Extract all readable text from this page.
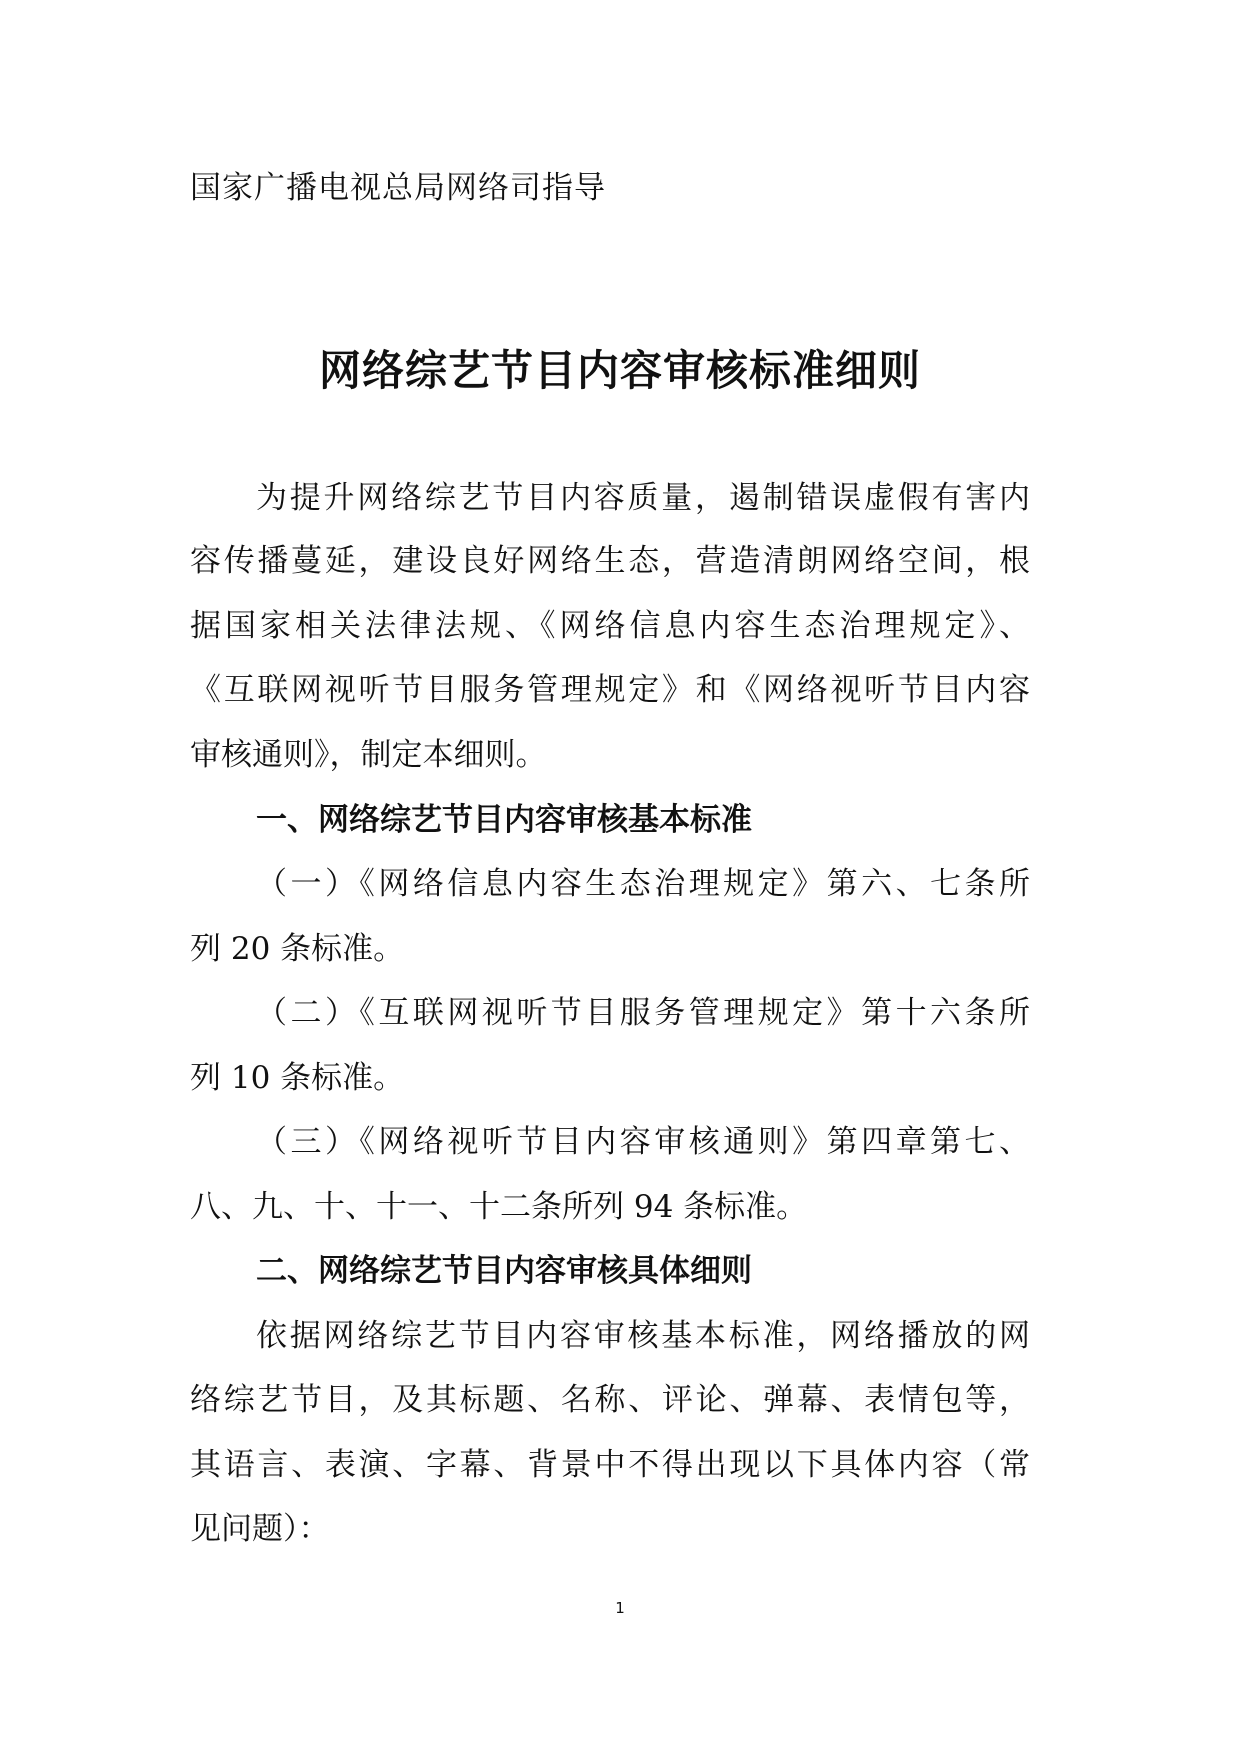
国家广播电视总局网络司指导
网络综艺节目内容审核标准细则
为提升网络综艺节目内容质量，遏制错误虚假有害内
容传播蔓延，建设良好网络生态，营造清朗网络空间，根
据国家相关法律法规、《网络信息内容生态治理规定》、
《互联网视听节目服务管理规定》和《网络视听节目内容
审核通则》，制定本细则。
一、网络综艺节目内容审核基本标准
（一）《网络信息内容生态治理规定》第六、七条所
列 20 条标准。
（二）《互联网视听节目服务管理规定》第十六条所
列 10 条标准。
（三）《网络视听节目内容审核通则》第四章第七、
八、九、十、十一、十二条所列 94 条标准。
二、网络综艺节目内容审核具体细则
依据网络综艺节目内容审核基本标准，网络播放的网
络综艺节目，及其标题、名称、评论、弹幕、表情包等，
其语言、表演、字幕、背景中不得出现以下具体内容（常
见问题）：
1
